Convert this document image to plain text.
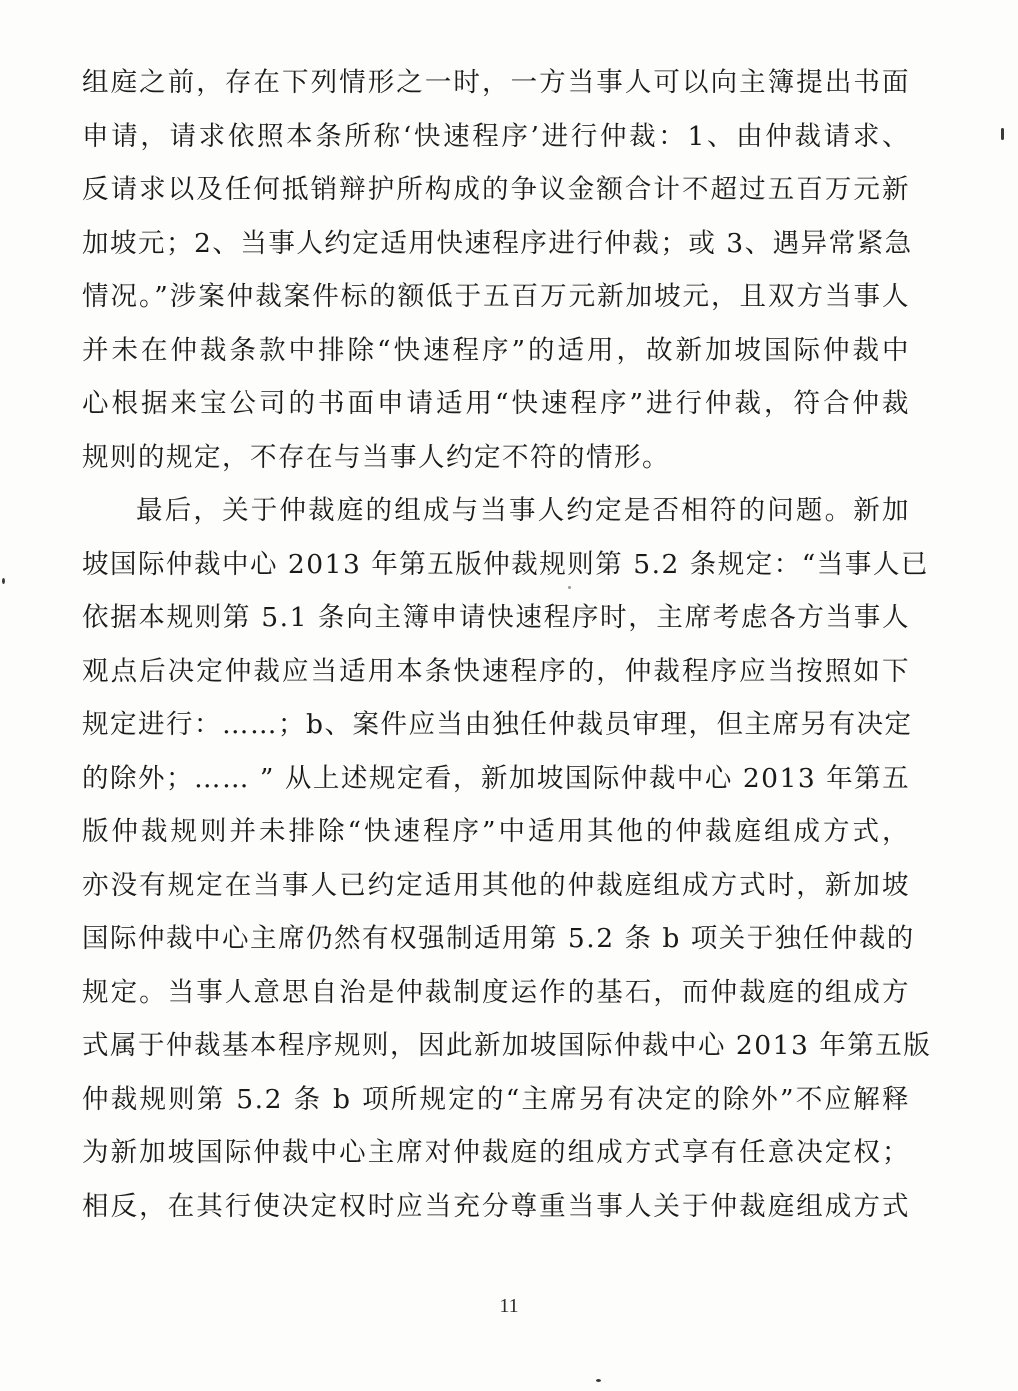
组庭之前，存在下列情形之一时，一方当事人可以向主簿提出书面
申请，请求依照本条所称‘快速程序’进行仲裁：1、由仲裁请求、
反请求以及任何抵销辩护所构成的争议金额合计不超过五百万元新
加坡元；2、当事人约定适用快速程序进行仲裁；或 3、遇异常紧急
情况。”涉案仲裁案件标的额低于五百万元新加坡元，且双方当事人
并未在仲裁条款中排除“快速程序”的适用，故新加坡国际仲裁中
心根据来宝公司的书面申请适用“快速程序”进行仲裁，符合仲裁
规则的规定，不存在与当事人约定不符的情形。
最后，关于仲裁庭的组成与当事人约定是否相符的问题。新加
坡国际仲裁中心 2013 年第五版仲裁规则第 5.2 条规定：“当事人已
依据本规则第 5.1 条向主簿申请快速程序时，主席考虑各方当事人
观点后决定仲裁应当适用本条快速程序的，仲裁程序应当按照如下
规定进行：……；b、案件应当由独任仲裁员审理，但主席另有决定
的除外；…… ” 从上述规定看，新加坡国际仲裁中心 2013 年第五
版仲裁规则并未排除“快速程序”中适用其他的仲裁庭组成方式，
亦没有规定在当事人已约定适用其他的仲裁庭组成方式时，新加坡
国际仲裁中心主席仍然有权强制适用第 5.2 条 b 项关于独任仲裁的
规定。当事人意思自治是仲裁制度运作的基石，而仲裁庭的组成方
式属于仲裁基本程序规则，因此新加坡国际仲裁中心 2013 年第五版
仲裁规则第 5.2 条 b 项所规定的“主席另有决定的除外”不应解释
为新加坡国际仲裁中心主席对仲裁庭的组成方式享有任意决定权；
相反，在其行使决定权时应当充分尊重当事人关于仲裁庭组成方式
11
